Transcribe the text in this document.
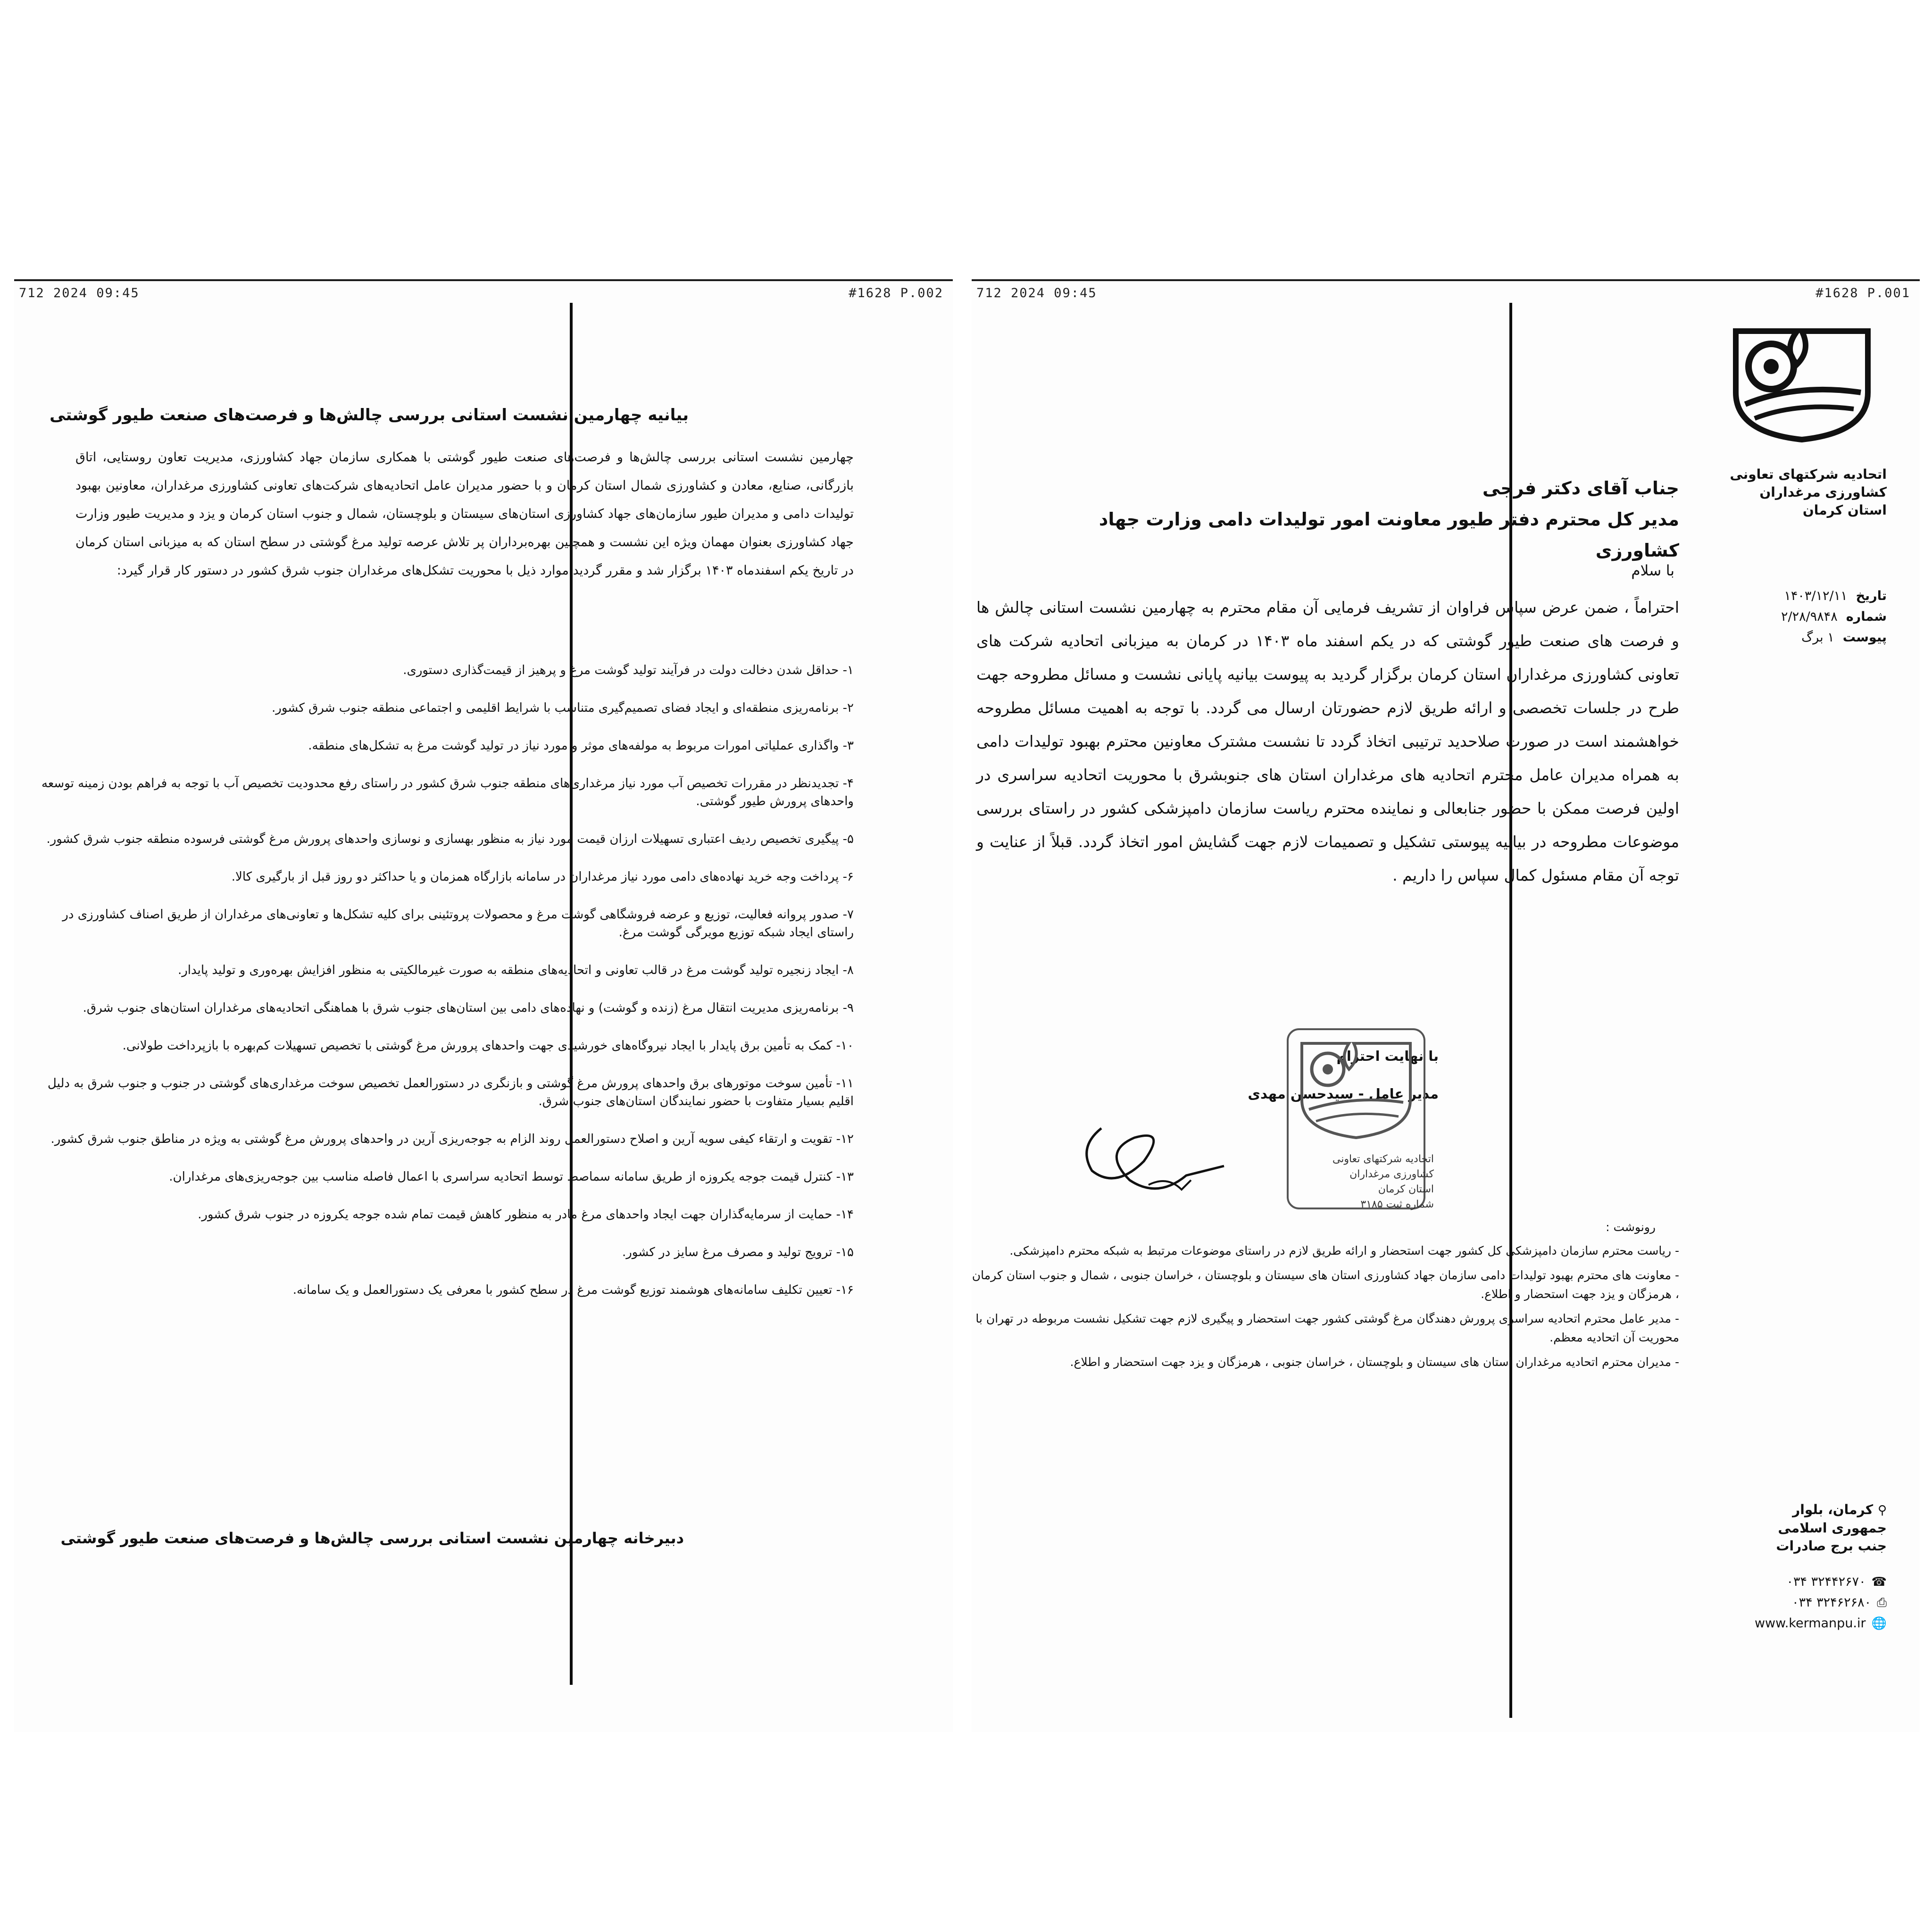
712 2024 09:45	#1628 P.002
بیانیه چهارمین نشست استانی بررسی چالش‌ها و فرصت‌های صنعت طیور گوشتی
چهارمین نشست استانی بررسی چالش‌ها و فرصت‌های صنعت طیور گوشتی با همکاری سازمان جهاد کشاورزی، مدیریت تعاون روستایی، اتاق بازرگانی، صنایع، معادن و کشاورزی شمال استان کرمان و با حضور مدیران عامل اتحادیه‌های شرکت‌های تعاونی کشاورزی مرغداران، معاونین بهبود تولیدات دامی و مدیران طیور سازمان‌های جهاد کشاورزی استان‌های سیستان و بلوچستان، شمال و جنوب استان کرمان و یزد و مدیریت طیور وزارت جهاد کشاورزی بعنوان مهمان ویژه این نشست و همچنین بهره‌برداران پر تلاش عرصه تولید مرغ گوشتی در سطح استان که به میزبانی استان کرمان در تاریخ یکم اسفندماه ۱۴۰۳ برگزار شد و مقرر گردید موارد ذیل با محوریت تشکل‌های مرغداران جنوب شرق کشور در دستور کار قرار گیرد:
۱- حداقل شدن دخالت دولت در فرآیند تولید گوشت مرغ و پرهیز از قیمت‌گذاری دستوری.
۲- برنامه‌ریزی منطقه‌ای و ایجاد فضای تصمیم‌گیری متناسب با شرایط اقلیمی و اجتماعی منطقه جنوب شرق کشور.
۳- واگذاری عملیاتی امورات مربوط به مولفه‌های موثر و مورد نیاز در تولید گوشت مرغ به تشکل‌های منطقه.
۴- تجدیدنظر در مقررات تخصیص آب مورد نیاز مرغداری‌های منطقه جنوب شرق کشور در راستای رفع محدودیت تخصیص آب با توجه به فراهم بودن زمینه توسعه واحدهای پرورش طیور گوشتی.
۵- پیگیری تخصیص ردیف اعتباری تسهیلات ارزان قیمت مورد نیاز به منظور بهسازی و نوسازی واحدهای پرورش مرغ گوشتی فرسوده منطقه جنوب شرق کشور.
۶- پرداخت وجه خرید نهاده‌های دامی مورد نیاز مرغداران در سامانه بازارگاه همزمان و یا حداکثر دو روز قبل از بارگیری کالا.
۷- صدور پروانه فعالیت، توزیع و عرضه فروشگاهی گوشت مرغ و محصولات پروتئینی برای کلیه تشکل‌ها و تعاونی‌های مرغداران از طریق اصناف کشاورزی در راستای ایجاد شبکه توزیع مویرگی گوشت مرغ.
۸- ایجاد زنجیره تولید گوشت مرغ در قالب تعاونی و اتحادیه‌های منطقه به صورت غیرمالکیتی به منظور افزایش بهره‌وری و تولید پایدار.
۹- برنامه‌ریزی مدیریت انتقال مرغ (زنده و گوشت) و نهاده‌های دامی بین استان‌های جنوب شرق با هماهنگی اتحادیه‌های مرغداران استان‌های جنوب شرق.
۱۰- کمک به تأمین برق پایدار با ایجاد نیروگاه‌های خورشیدی جهت واحدهای پرورش مرغ گوشتی با تخصیص تسهیلات کم‌بهره با بازپرداخت طولانی.
۱۱- تأمین سوخت موتورهای برق واحدهای پرورش مرغ گوشتی و بازنگری در دستورالعمل تخصیص سوخت مرغداری‌های گوشتی در جنوب و جنوب شرق به دلیل اقلیم بسیار متفاوت با حضور نمایندگان استان‌های جنوب شرق.
۱۲- تقویت و ارتقاء کیفی سویه آرین و اصلاح دستورالعمل روند الزام به جوجه‌ریزی آرین در واحدهای پرورش مرغ گوشتی به ویژه در مناطق جنوب شرق کشور.
۱۳- کنترل قیمت جوجه یکروزه از طریق سامانه سماصط توسط اتحادیه سراسری با اعمال فاصله مناسب بین جوجه‌ریزی‌های مرغداران.
۱۴- حمایت از سرمایه‌گذاران جهت ایجاد واحدهای مرغ مادر به منظور کاهش قیمت تمام شده جوجه یکروزه در جنوب شرق کشور.
۱۵- ترویج تولید و مصرف مرغ سایز در کشور.
۱۶- تعیین تکلیف سامانه‌های هوشمند توزیع گوشت مرغ در سطح کشور با معرفی یک دستورالعمل و یک سامانه.
دبیرخانه چهارمین نشست استانی بررسی چالش‌ها و فرصت‌های صنعت طیور گوشتی
712 2024 09:45	#1628 P.001
اتحادیه شرکتهای تعاونی
کشاورزی مرغداران
استان کرمان
تاریخ
۱۴۰۳/۱۲/۱۱
شماره
۲/۲۸/۹۸۴۸
پیوست
۱ برگ
جناب آقای دکتر فرجی
مدیر کل محترم دفتر طیور معاونت امور تولیدات دامی وزارت جهاد کشاورزی
با سلام
احتراماً ، ضمن عرض سپاس فراوان از تشریف فرمایی آن مقام محترم به چهارمین نشست استانی چالش ها و فرصت های صنعت طیور گوشتی که در یکم اسفند ماه ۱۴۰۳ در کرمان به میزبانی اتحادیه شرکت های تعاونی کشاورزی مرغداران استان کرمان برگزار گردید به پیوست بیانیه پایانی نشست و مسائل مطروحه جهت طرح در جلسات تخصصی و ارائه طریق لازم حضورتان ارسال می گردد. با توجه به اهمیت مسائل مطروحه خواهشمند است در صورت صلاحدید ترتیبی اتخاذ گردد تا نشست مشترک معاونین محترم بهبود تولیدات دامی به همراه مدیران عامل محترم اتحادیه های مرغداران استان های جنوبشرق با محوریت اتحادیه سراسری در اولین فرصت ممکن با حضور جنابعالی و نماینده محترم ریاست سازمان دامپزشکی کشور در راستای بررسی موضوعات مطروحه در بیانیه پیوستی تشکیل و تصمیمات لازم جهت گشایش امور اتخاذ گردد. قبلاً از عنایت و توجه آن مقام مسئول کمال سپاس را داریم .
با نهایت احترام
مدیر عامل - سیدحسن مهدی
اتحادیه شرکتهای تعاونی
کشاورزی مرغداران
استان کرمان
شماره ثبت ۳۱۸۵
رونوشت :
- ریاست محترم سازمان دامپزشکی کل کشور جهت استحضار و ارائه طریق لازم در راستای موضوعات مرتبط به شبکه محترم دامپزشکی.
- معاونت های محترم بهبود تولیدات دامی سازمان جهاد کشاورزی استان های سیستان و بلوچستان ، خراسان جنوبی ، شمال و جنوب استان کرمان ، هرمزگان و یزد جهت استحضار و اطلاع.
- مدیر عامل محترم اتحادیه سراسری پرورش دهندگان مرغ گوشتی کشور جهت استحضار و پیگیری لازم جهت تشکیل نشست مربوطه در تهران با محوریت آن اتحادیه معظم.
- مدیران محترم اتحادیه مرغداران استان های سیستان و بلوچستان ، خراسان جنوبی ، هرمزگان و یزد جهت استحضار و اطلاع.
⚲ کرمان، بلوار
جمهوری اسلامی
جنب برج صادرات
۰۳۴ ۳۲۴۴۲۶۷۰ ☎
۰۳۴ ۳۲۴۶۲۶۸۰ ⎙
www.kermanpu.ir 🌐
